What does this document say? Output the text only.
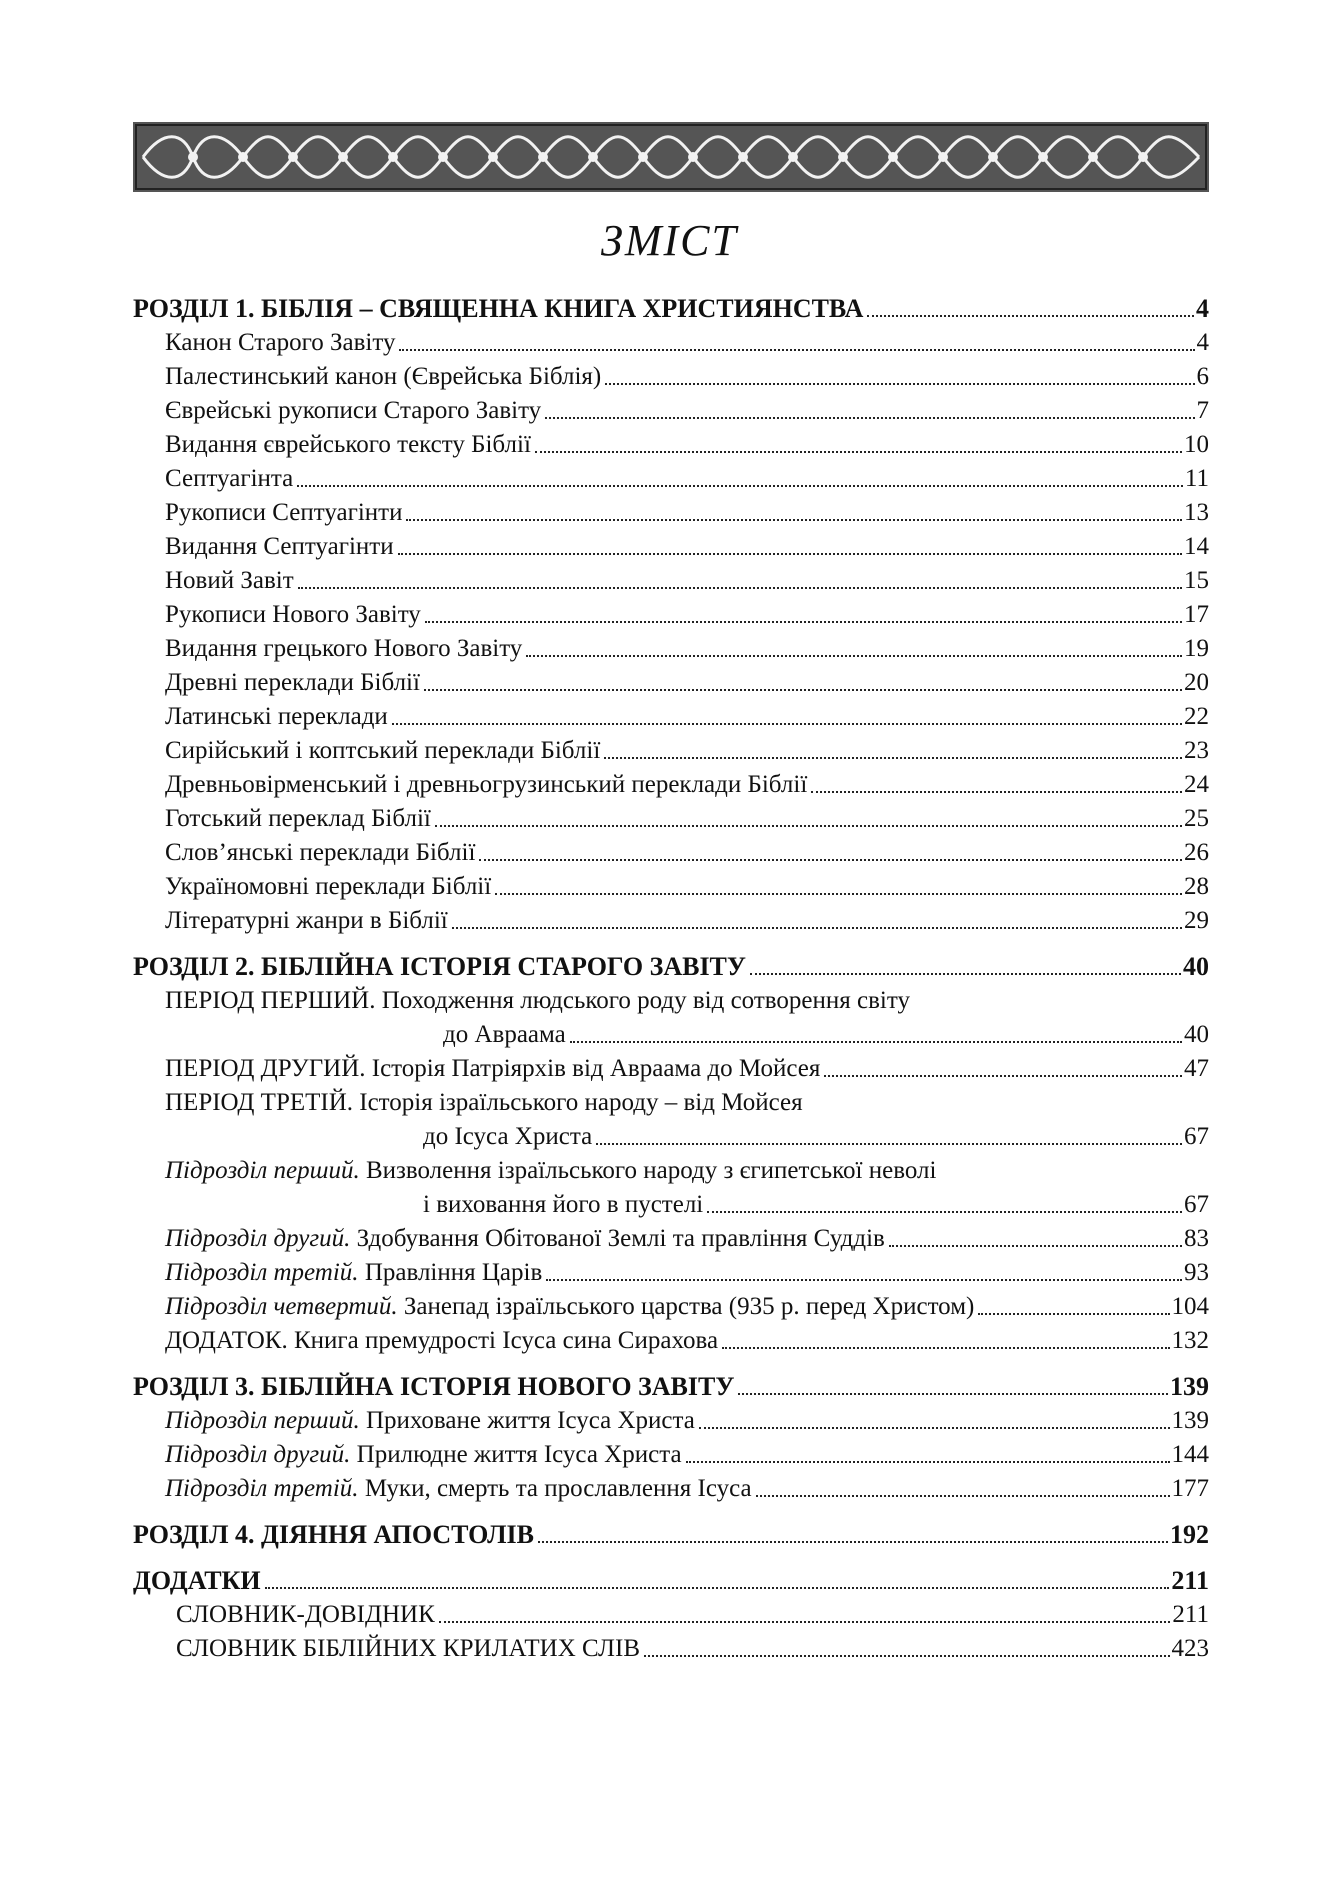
ЗМІСТ
РОЗДІЛ 1. БІБЛІЯ – СВЯЩЕННА КНИГА ХРИСТИЯНСТВА	4
Канон Старого Завіту	4
Палестинський канон (Єврейська Біблія)	6
Єврейські рукописи Старого Завіту	7
Видання єврейського тексту Біблії	10
Септуагінта	11
Рукописи Септуагінти	13
Видання Септуагінти	14
Новий Завіт	15
Рукописи Нового Завіту	17
Видання грецького Нового Завіту	19
Древні переклади Біблії	20
Латинські переклади	22
Сирійський і коптський переклади Біблії	23
Древньовірменський і древньогрузинський переклади Біблії	24
Готський переклад Біблії	25
Слов’янські переклади Біблії	26
Україномовні переклади Біблії	28
Літературні жанри в Біблії	29
РОЗДІЛ 2. БІБЛІЙНА ІСТОРІЯ СТАРОГО ЗАВІТУ	40
ПЕРІОД ПЕРШИЙ. Походження людського роду від сотворення світу
до Авраама	40
ПЕРІОД ДРУГИЙ. Історія Патріярхів від Авраама до Мойсея	47
ПЕРІОД ТРЕТІЙ. Історія ізраїльського народу – від Мойсея
до Ісуса Христа	67
Підрозділ перший. Визволення ізраїльського народу з єгипетської неволі
і виховання його в пустелі	67
Підрозділ другий. Здобування Обітованої Землі та правління Суддів	83
Підрозділ третій. Правління Царів	93
Підрозділ четвертий. Занепад ізраїльського царства (935 р. перед Христом)	104
ДОДАТОК. Книга премудрості Ісуса сина Сирахова	132
РОЗДІЛ 3. БІБЛІЙНА ІСТОРІЯ НОВОГО ЗАВІТУ	139
Підрозділ перший. Приховане життя Ісуса Христа	139
Підрозділ другий. Прилюдне життя Ісуса Христа	144
Підрозділ третій. Муки, смерть та прославлення Ісуса	177
РОЗДІЛ 4. ДІЯННЯ АПОСТОЛІВ	192
ДОДАТКИ	211
СЛОВНИК-ДОВІДНИК	211
СЛОВНИК БІБЛІЙНИХ КРИЛАТИХ СЛІВ	423
